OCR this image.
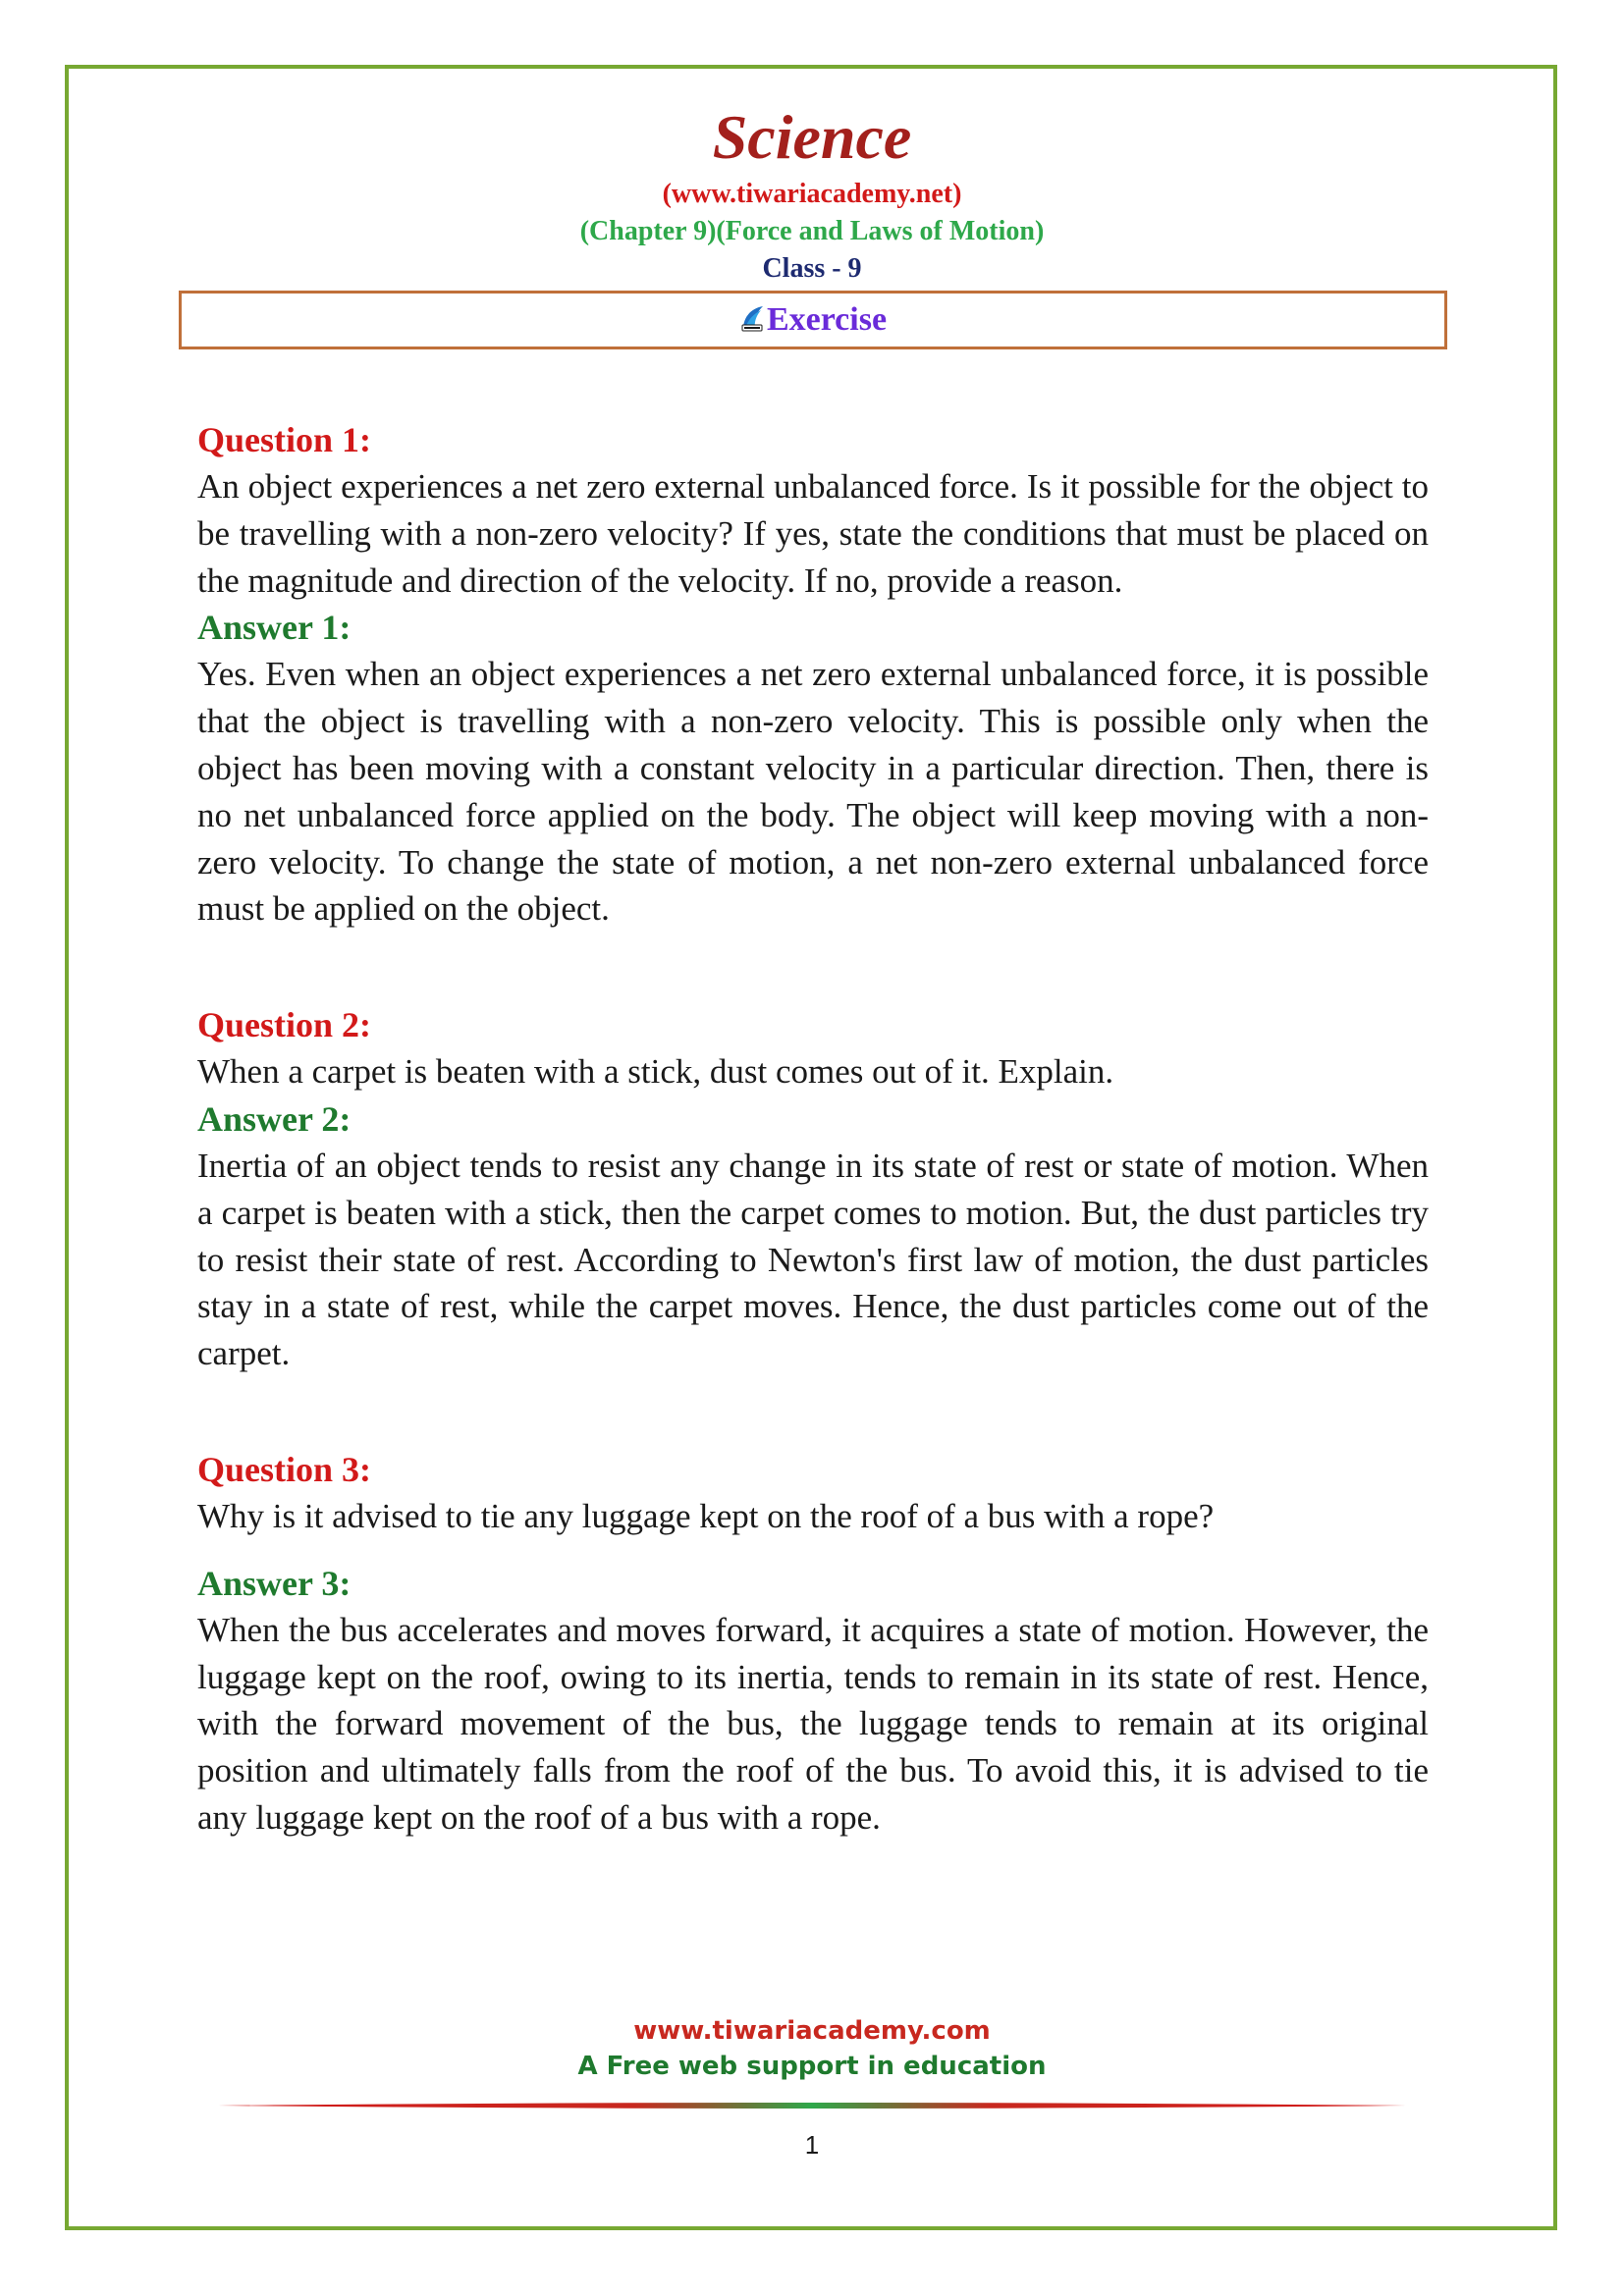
Science
(www.tiwariacademy.net)
(Chapter 9)(Force and Laws of Motion)
Class - 9
Exercise
Question 1:

An object experiences a net zero external unbalanced force. Is it possible for the object to be travelling with a non-zero velocity? If yes, state the conditions that must be placed on the magnitude and direction of the velocity. If no, provide a reason.

Answer 1:

Yes. Even when an object experiences a net zero external unbalanced force, it is possible that the object is travelling with a non-zero velocity. This is possible only when the object has been moving with a constant velocity in a particular direction. Then, there is no net unbalanced force applied on the body. The object will keep moving with a non-zero velocity. To change the state of motion, a net non-zero external unbalanced force must be applied on the object.

Question 2:

When a carpet is beaten with a stick, dust comes out of it. Explain.

Answer 2:

Inertia of an object tends to resist any change in its state of rest or state of motion. When a carpet is beaten with a stick, then the carpet comes to motion. But, the dust particles try to resist their state of rest. According to Newton's first law of motion, the dust particles stay in a state of rest, while the carpet moves. Hence, the dust particles come out of the carpet.

Question 3:

Why is it advised to tie any luggage kept on the roof of a bus with a rope?

Answer 3:

When the bus accelerates and moves forward, it acquires a state of motion. However, the luggage kept on the roof, owing to its inertia, tends to remain in its state of rest. Hence, with the forward movement of the bus, the luggage tends to remain at its original position and ultimately falls from the roof of the bus. To avoid this, it is advised to tie any luggage kept on the roof of a bus with a rope.

www.tiwariacademy.com
A Free web support in education
1
